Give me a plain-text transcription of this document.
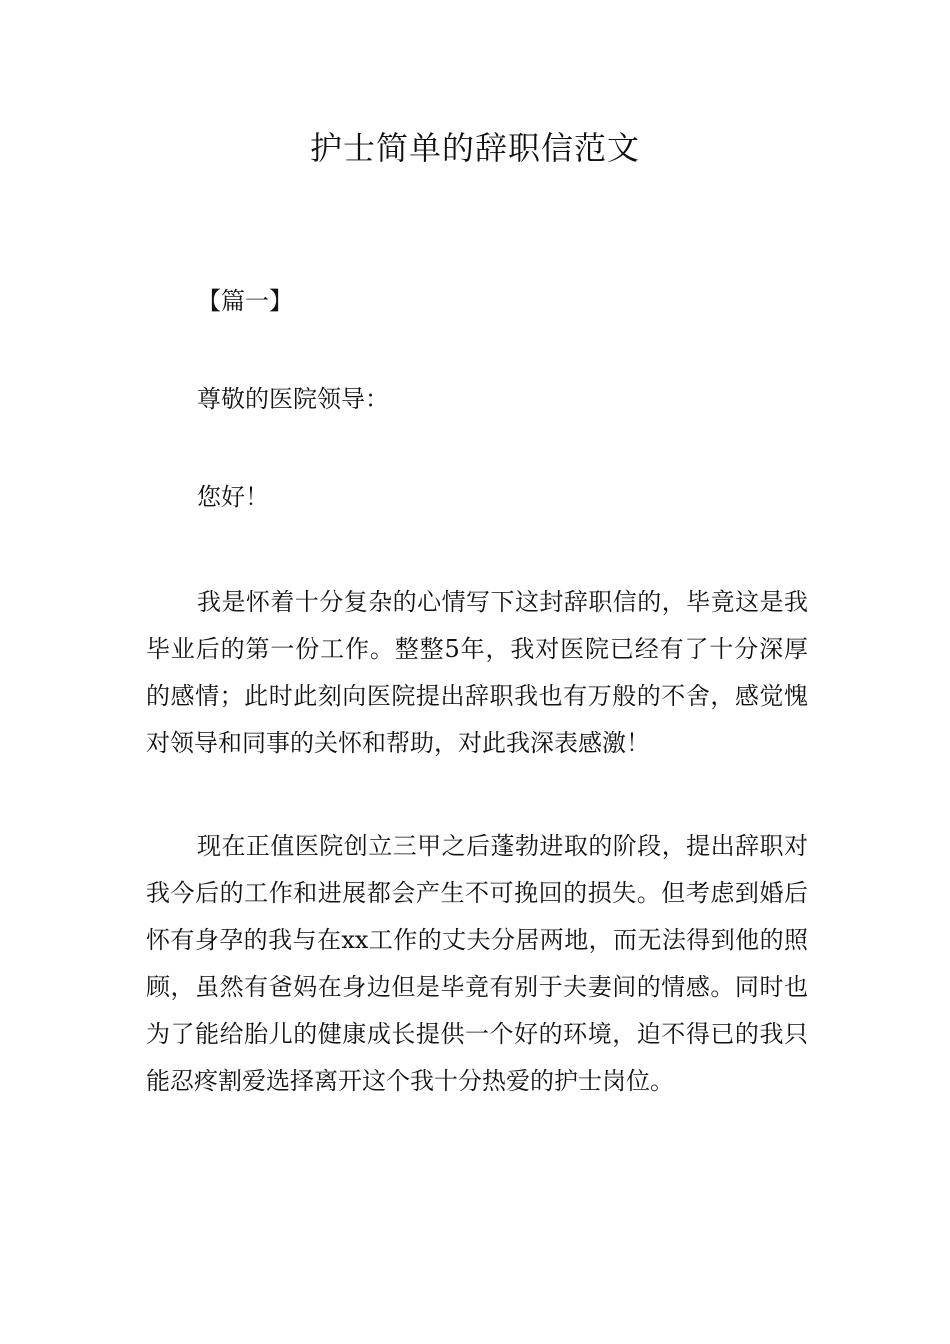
护士简单的辞职信范文

【篇一】

尊敬的医院领导：

您好！

我是怀着十分复杂的心情写下这封辞职信的，毕竟这是我毕业后的第一份工作。整整5年，我对医院已经有了十分深厚的感情；此时此刻向医院提出辞职我也有万般的不舍，感觉愧对领导和同事的关怀和帮助，对此我深表感激！

现在正值医院创立三甲之后蓬勃进取的阶段，提出辞职对我今后的工作和进展都会产生不可挽回的损失。但考虑到婚后怀有身孕的我与在xx工作的丈夫分居两地，而无法得到他的照顾，虽然有爸妈在身边但是毕竟有别于夫妻间的情感。同时也为了能给胎儿的健康成长提供一个好的环境，迫不得已的我只能忍疼割爱选择离开这个我十分热爱的护士岗位。
